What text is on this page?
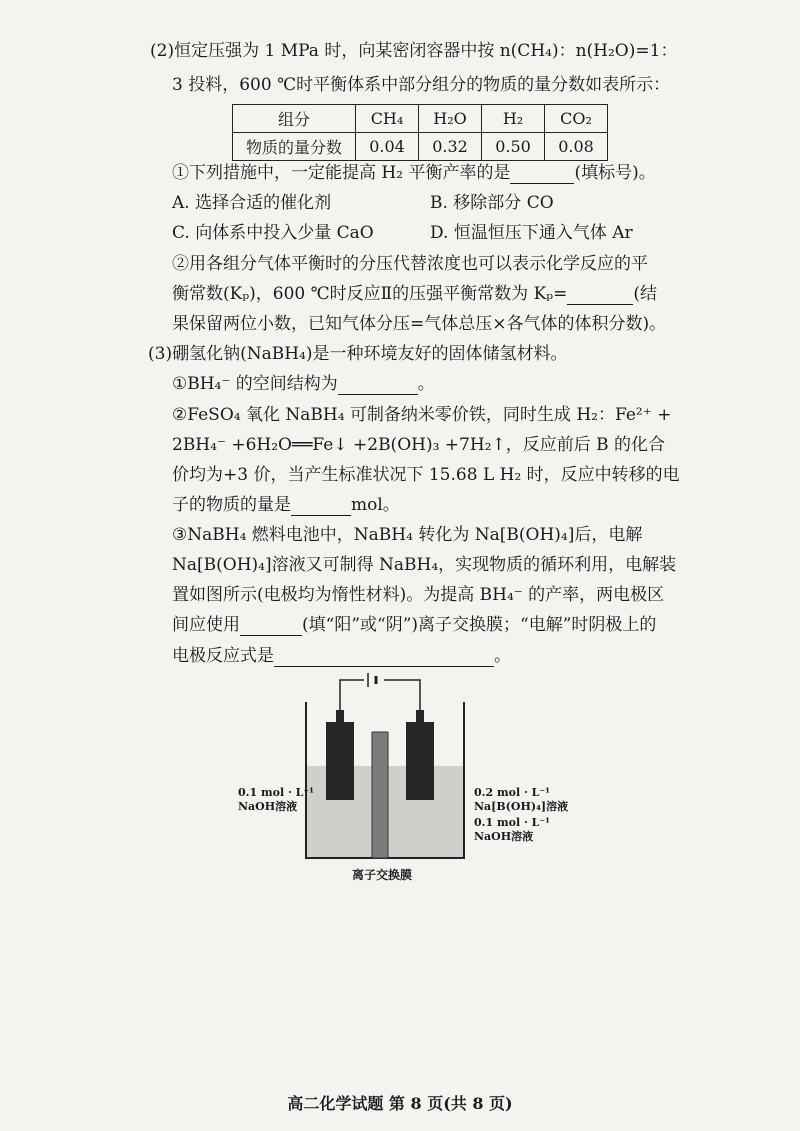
(2)恒定压强为 1 MPa 时，向某密闭容器中按 n(CH₄)：n(H₂O)=1：
3 投料，600 ℃时平衡体系中部分组分的物质的量分数如表所示：
组分	CH₄	H₂O	H₂	CO₂
物质的量分数	0.04	0.32	0.50	0.08
①下列措施中，一定能提高 H₂ 平衡产率的是	(填标号)。
A. 选择合适的催化剂	B. 移除部分 CO
C. 向体系中投入少量 CaO	D. 恒温恒压下通入气体 Ar
②用各组分气体平衡时的分压代替浓度也可以表示化学反应的平
衡常数(Kₚ)，600 ℃时反应Ⅱ的压强平衡常数为 Kₚ=	(结
果保留两位小数，已知气体分压=气体总压×各气体的体积分数)。
(3)硼氢化钠(NaBH₄)是一种环境友好的固体储氢材料。
①BH₄⁻ 的空间结构为	。
②FeSO₄ 氧化 NaBH₄ 可制备纳米零价铁，同时生成 H₂：Fe²⁺ +
2BH₄⁻ +6H₂O══Fe↓ +2B(OH)₃ +7H₂↑，反应前后 B 的化合
价均为+3 价，当产生标准状况下 15.68 L H₂ 时，反应中转移的电
子的物质的量是	mol。
③NaBH₄ 燃料电池中，NaBH₄ 转化为 Na[B(OH)₄]后，电解
Na[B(OH)₄]溶液又可制得 NaBH₄，实现物质的循环利用，电解装
置如图所示(电极均为惰性材料)。为提高 BH₄⁻ 的产率，两电极区
间应使用	(填“阳”或“阴”)离子交换膜；“电解”时阴极上的
电极反应式是	。
0.1 mol · L⁻¹
NaOH溶液
0.2 mol · L⁻¹
Na[B(OH)₄]溶液
0.1 mol · L⁻¹
NaOH溶液
离子交换膜
高二化学试题 第 8 页(共 8 页)
